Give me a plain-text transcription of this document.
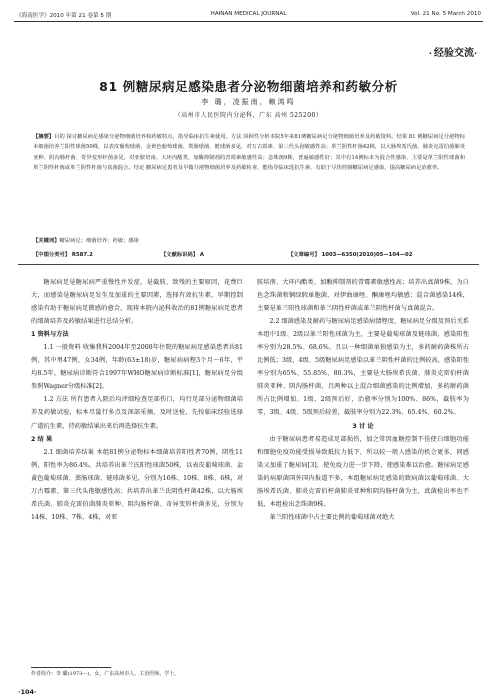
《海南医学》2010 年第 21 卷第 5 期	HAINAN MEDICAL JOURNAL	Vol. 21 No. 5 March 2010
· 经验交流·
81 例糖尿病足感染患者分泌物细菌培养和药敏分析
李 璐，凌振南，赖鸿鸣
（高州市人民医院内分泌科，广东 高州 525200）
【摘要】目的 探讨糖尿病足感染分泌物细菌培养和药敏特点，指导临床抗生素使用。方法 回顾性分析本院5年来81例糖尿病足分泌物细菌培养及药敏资料。结果 81 例糖尿病足分泌物标本细菌培养兰阳性球菌50株，以表皮葡萄球菌、金黄色葡萄球菌、粪肠球菌、链球菌多见，对万古霉素、第三代头孢敏感性高；革兰阴性杆菌42株，以大肠埃希氏菌、肺炎克雷伯菌肺炎亚种、阴沟肠杆菌、奇异变形杆菌多见，对亚胺培南、大环内酯类、加酶抑制剂的青霉素敏感性高；念珠菌9株，普遍敏感性好；其中有14例标本为混合性感染，主要是革兰阳性球菌和革兰阴性杆菌或革兰阴性杆菌与真菌混合。结论 糖尿病足患者及早做分泌物细菌培养及药敏检查，能指导临床选抗生素，有助于尽快控制糖尿病足感染，提高糖尿病足治愈率。
【关键词】糖尿病足；细菌培养；药敏；感染
【中图分类号】 R587.2	【文献标识码】 A	【文章编号】 1003—6350(2010)05—104—02

糖尿病足是糖尿病严重慢性并发症，是截肢、致残的主要原因，花费巨大，而感染是糖尿病足发生及加重的主要因素，选择有效抗生素，早期控制感染有助于糖尿病足微感的愈合。现将本院内泌科收治的81例糖尿病足患者的细菌培养及药敏结果进行总结分析。

1 资料与方法

1.1 一般资料 收集我科2004年至2008年住院的糖尿病足感染患者共81例，其中男47例，女34例，年龄(63±18)岁，糖尿病病程3个月～6年，平均8.5年。糖尿病诊断符合1997年WHO糖尿病诊断标准[1]，糖尿病足分级参照Wagner分级标准[2]。

1.2 方法 所有患者入院后均评细检查足部伤口，均行足部分泌物细菌培养及药敏试验，标本尽量行多点及深部采摘，及时送检，先按临床经验选择广谱抗生素，待药敏结果出来后再选择抗生素。

2 结 果

2.1 细菌培养结果 本组81例分泌物标本细菌培养阳性者70例，阴性11例，阳性率为86.4%。共培养出革兰氏阳性球菌50株，以表皮葡萄球菌、金黄色葡萄球菌、粪肠球菌、链球菌多见，分别为16株、10株、8株、6株，对万古霉素、第三代头孢敏感性高；共培养出革兰氏阴性杆菌42株，以大肠埃希氏菌、肺炎克雷伯菌肺炎亚种、阴沟肠杆菌、奇异变形杆菌多见，分别为14株、10株、7株、4株，对亚

胺培南、大环内酯类、加酶抑制剂的青霉素敏感性高；培养出真菌9株，为白色念珠菌和铜绿假单胞菌，对伊曲康唑、酮康唑均敏感；混合菌感染14株，主要是革兰阳性球菌和革兰阴性杆菌或革兰阴性杆菌与真菌混合。

2.2 细菌感染及耐药与糖尿病足感染病情程度、糖尿病足分级及预后关系 本组中1级、2级以革兰阳性球菌为主，主要是葡萄球菌及链球菌，感染阳性率分别为28.5%、68.6%，且以一种细菌单独感染为主，多药耐药菌株所占比例低；3级、4级、5级糖尿病足感染以革兰阴性杆菌的比例较高，感染阳性率分别为65%、55.85%、80.3%，主要是大肠埃希氏菌、肺炎克雷伯杆菌肺炎亚种、阴沟肠杆菌，且两种以上混合细菌感染的比例增加，多药耐药菌所占比例增加。1级、2级预后好，治愈率分别为100%、86%，截肢率为零，3级、4级、5级预后较差，截肢率分别为22.3%、65.4%、60.2%。

3 讨 论

由于糖尿病患者易造成足部损伤，加之常因血糖控制不佳使白细胞功能和细胞免疫功能受损导致抵抗力低下，所以较一般人感染的机会更多，同感染又加重了糖尿病[3]，使免疫力进一步下降，使感染难以治愈。糖尿病足感染的病原菌国外国内报道不多，本组糖尿病足感染的致病菌以葡萄球菌、大肠埃希氏菌、肺炎克雷伯杆菌肺炎亚种和阴沟肠杆菌为主，真菌检出率也不低，本组检出念珠菌9株。

革兰阳性球菌中占主要比例的葡萄球菌对绝大

作者简介：李 璐(1973—)，女，广东高州市人，主治医师，学士。
·104·
